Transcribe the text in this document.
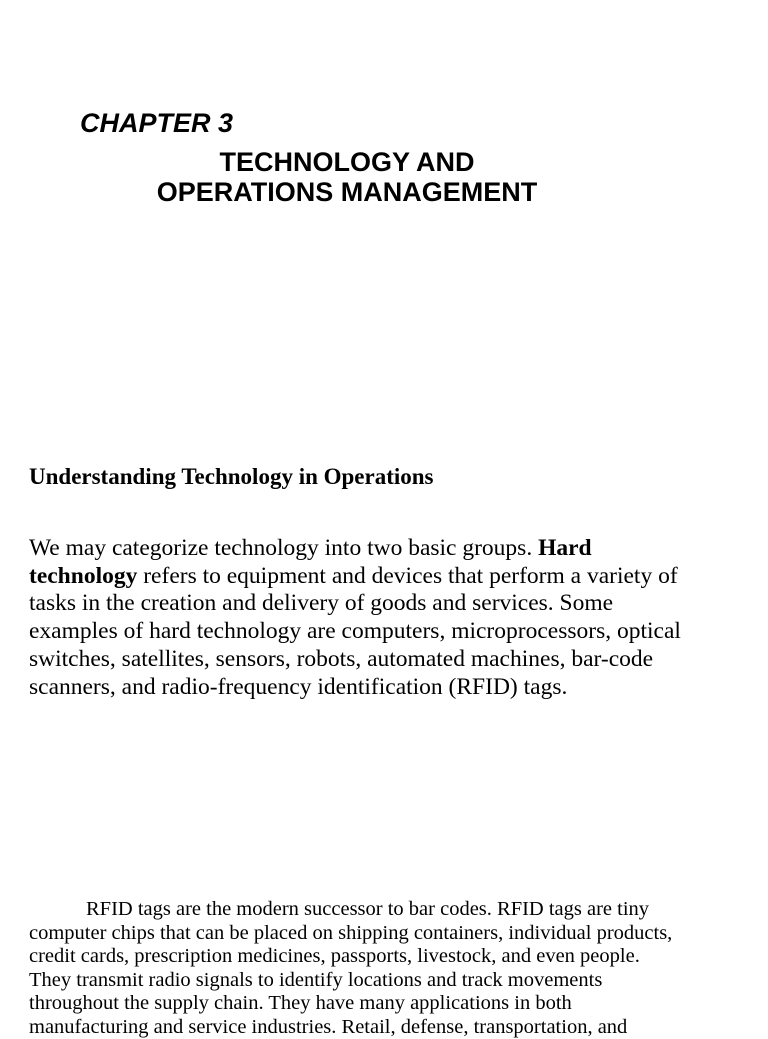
CHAPTER 3
TECHNOLOGY AND
OPERATIONS MANAGEMENT
Understanding Technology in Operations

We may categorize technology into two basic groups. Hard
technology refers to equipment and devices that perform a variety of
tasks in the creation and delivery of goods and services. Some
examples of hard technology are computers, microprocessors, optical
switches, satellites, sensors, robots, automated machines, bar-code
scanners, and radio-frequency identification (RFID) tags.

RFID tags are the modern successor to bar codes. RFID tags are tiny
computer chips that can be placed on shipping containers, individual products,
credit cards, prescription medicines, passports, livestock, and even people.
They transmit radio signals to identify locations and track movements
throughout the supply chain. They have many applications in both
manufacturing and service industries. Retail, defense, transportation, and
